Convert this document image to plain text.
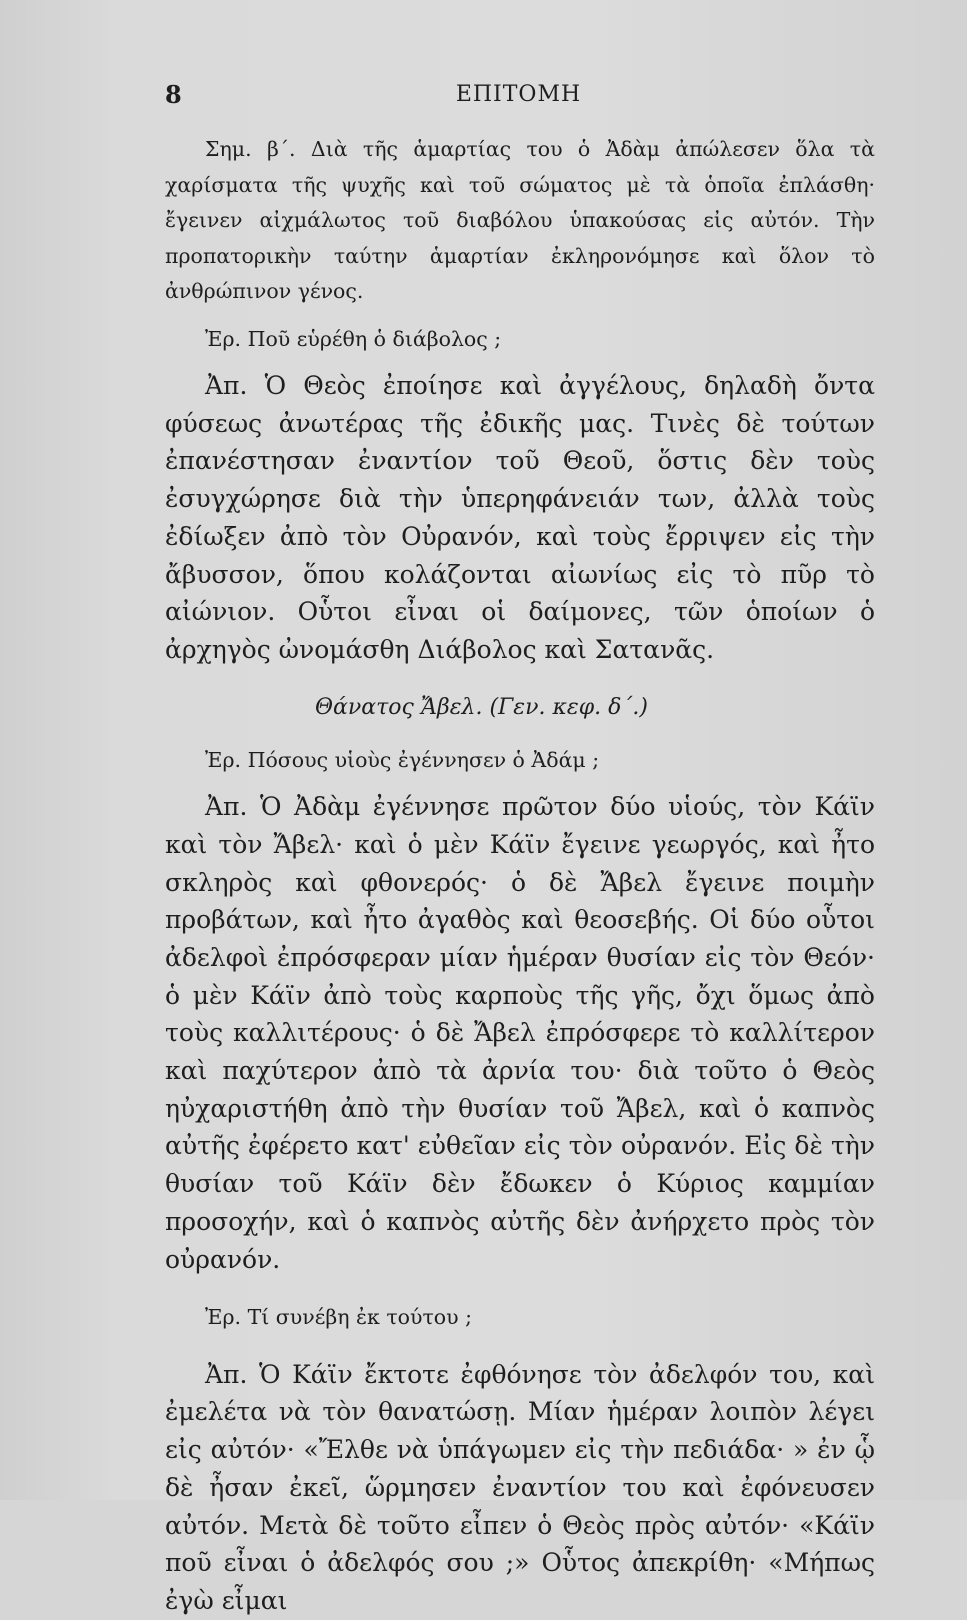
8	ΕΠΙΤΟΜΗ

Σημ. β΄. Διὰ τῆς ἁμαρτίας του ὁ Ἀδὰμ ἀπώλεσεν ὅλα τὰ χαρίσματα τῆς ψυχῆς καὶ τοῦ σώματος μὲ τὰ ὁποῖα ἐπλάσθη· ἔγεινεν αἰχμάλωτος τοῦ διαβόλου ὑπακούσας εἰς αὐτόν. Τὴν προπατορικὴν ταύτην ἁμαρτίαν ἐκληρονόμησε καὶ ὅλον τὸ ἀνθρώπινον γένος.

Ἐρ. Ποῦ εὑρέθη ὁ διάβολος ;

Ἀπ. Ὁ Θεὸς ἐποίησε καὶ ἀγγέλους, δηλαδὴ ὄντα φύσεως ἀνωτέρας τῆς ἐδικῆς μας. Τινὲς δὲ τούτων ἐπανέστησαν ἐναντίον τοῦ Θεοῦ, ὅστις δὲν τοὺς ἐσυγχώρησε διὰ τὴν ὑπερηφάνειάν των, ἀλλὰ τοὺς ἐδίωξεν ἀπὸ τὸν Οὐρανόν, καὶ τοὺς ἔρριψεν εἰς τὴν ἄβυσσον, ὅπου κολάζονται αἰωνίως εἰς τὸ πῦρ τὸ αἰώνιον. Οὗτοι εἶναι οἱ δαίμονες, τῶν ὁποίων ὁ ἀρχηγὸς ὠνομάσθη Διάβολος καὶ Σατανᾶς.

Θάνατος Ἄβελ. (Γεν. κεφ. δ΄.)

Ἐρ. Πόσους υἱοὺς ἐγέννησεν ὁ Ἀδάμ ;

Ἀπ. Ὁ Ἀδὰμ ἐγέννησε πρῶτον δύο υἱούς, τὸν Κάϊν καὶ τὸν Ἄβελ· καὶ ὁ μὲν Κάϊν ἔγεινε γεωργός, καὶ ἦτο σκληρὸς καὶ φθονερός· ὁ δὲ Ἄβελ ἔγεινε ποιμὴν προβάτων, καὶ ἦτο ἀγαθὸς καὶ θεοσεβής. Οἱ δύο οὗτοι ἀδελφοὶ ἐπρόσφεραν μίαν ἡμέραν θυσίαν εἰς τὸν Θεόν· ὁ μὲν Κάϊν ἀπὸ τοὺς καρποὺς τῆς γῆς, ὄχι ὅμως ἀπὸ τοὺς καλλιτέρους· ὁ δὲ Ἄβελ ἐπρόσφερε τὸ καλλίτερον καὶ παχύτερον ἀπὸ τὰ ἀρνία του· διὰ τοῦτο ὁ Θεὸς ηὐχαριστήθη ἀπὸ τὴν θυσίαν τοῦ Ἄβελ, καὶ ὁ καπνὸς αὐτῆς ἐφέρετο κατ' εὐθεῖαν εἰς τὸν οὐρανόν. Εἰς δὲ τὴν θυσίαν τοῦ Κάϊν δὲν ἔδωκεν ὁ Κύριος καμμίαν προσοχήν, καὶ ὁ καπνὸς αὐτῆς δὲν ἀνήρχετο πρὸς τὸν οὐρανόν.

Ἐρ. Τί συνέβη ἐκ τούτου ;

Ἀπ. Ὁ Κάϊν ἔκτοτε ἐφθόνησε τὸν ἀδελφόν του, καὶ ἐμελέτα νὰ τὸν θανατώσῃ. Μίαν ἡμέραν λοιπὸν λέγει εἰς αὐτόν· «Ἔλθε νὰ ὑπάγωμεν εἰς τὴν πεδιάδα· » ἐν ᾧ δὲ ἦσαν ἐκεῖ, ὥρμησεν ἐναντίον του καὶ ἐφόνευσεν αὐτόν. Μετὰ δὲ τοῦτο εἶπεν ὁ Θεὸς πρὸς αὐτόν· «Κάϊν ποῦ εἶναι ὁ ἀδελφός σου ;» Οὗτος ἀπεκρίθη· «Μήπως ἐγὼ εἶμαι
